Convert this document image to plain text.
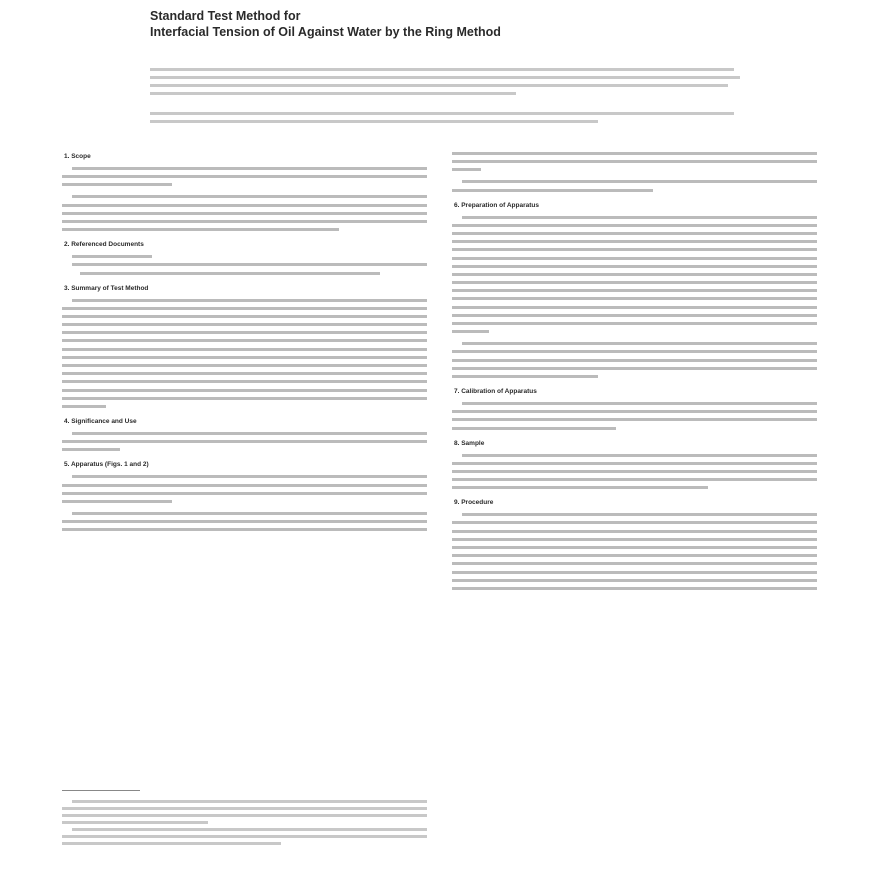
Standard Test Method for
Interfacial Tension of Oil Against Water by the Ring Method
1. Scope
2. Referenced Documents
3. Summary of Test Method
4. Significance and Use
5. Apparatus (Figs. 1 and 2)
6. Preparation of Apparatus
7. Calibration of Apparatus
8. Sample
9. Procedure
